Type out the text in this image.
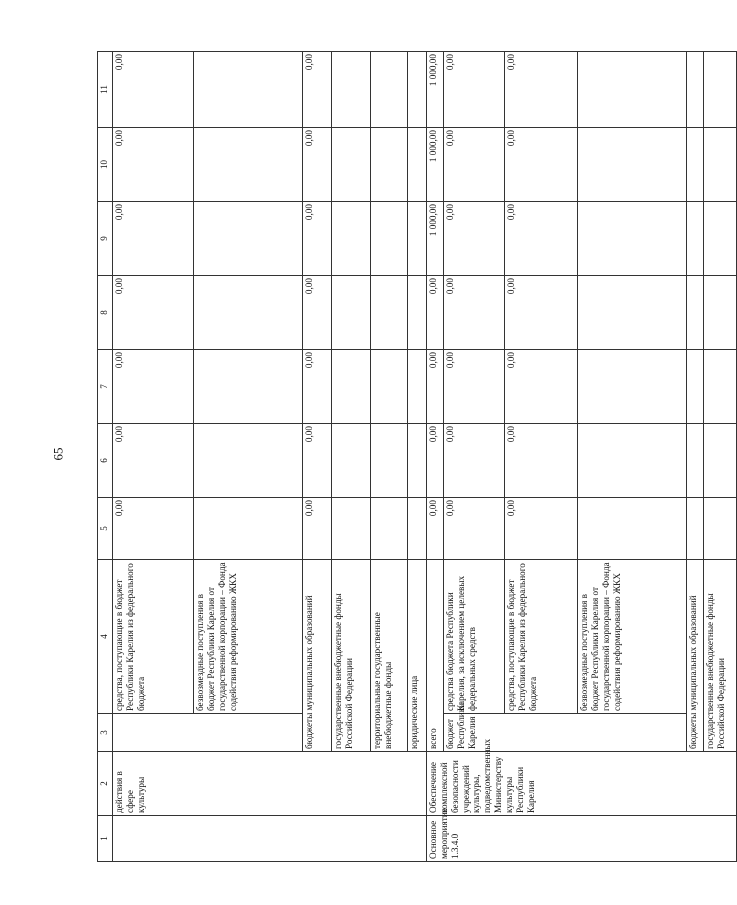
65
1	2	3	4	5	6	7	8	9	10	11
	действия в сфере культуры		средства, поступающие в бюджет Республики Карелия из федерального бюджета	0,00	0,00	0,00	0,00	0,00	0,00	0,00
			безвозмездные поступления в бюджет Республики Карелия от государственной корпорации – Фонда содействия реформированию ЖКХ							
		бюджеты муниципальных образований		0,00	0,00	0,00	0,00	0,00	0,00	0,00
		государственные внебюджетные фонды Российской Федерации								
		территориальные государственные внебюджетные фонды								
		юридические лица								
Основное мероприятие 1.3.4.0	Обеспечение комплексной безопасности учреждений культуры, подведомственных Министерству культуры Республики Карелия	всего		0,00	0,00	0,00	0,00	1 000,00	1 000,00	1 000,00
		бюджет Республики Карелия	средства бюджета Республики Карелия, за исключением целевых федеральных средств	0,00	0,00	0,00	0,00	0,00	0,00	0,00
			средства, поступающие в бюджет Республики Карелия из федерального бюджета	0,00	0,00	0,00	0,00	0,00	0,00	0,00
			безвозмездные поступления в бюджет Республики Карелия от государственной корпорации – Фонда содействия реформированию ЖКХ							
		бюджеты муниципальных образований								
		государственные внебюджетные фонды Российской Федерации								
